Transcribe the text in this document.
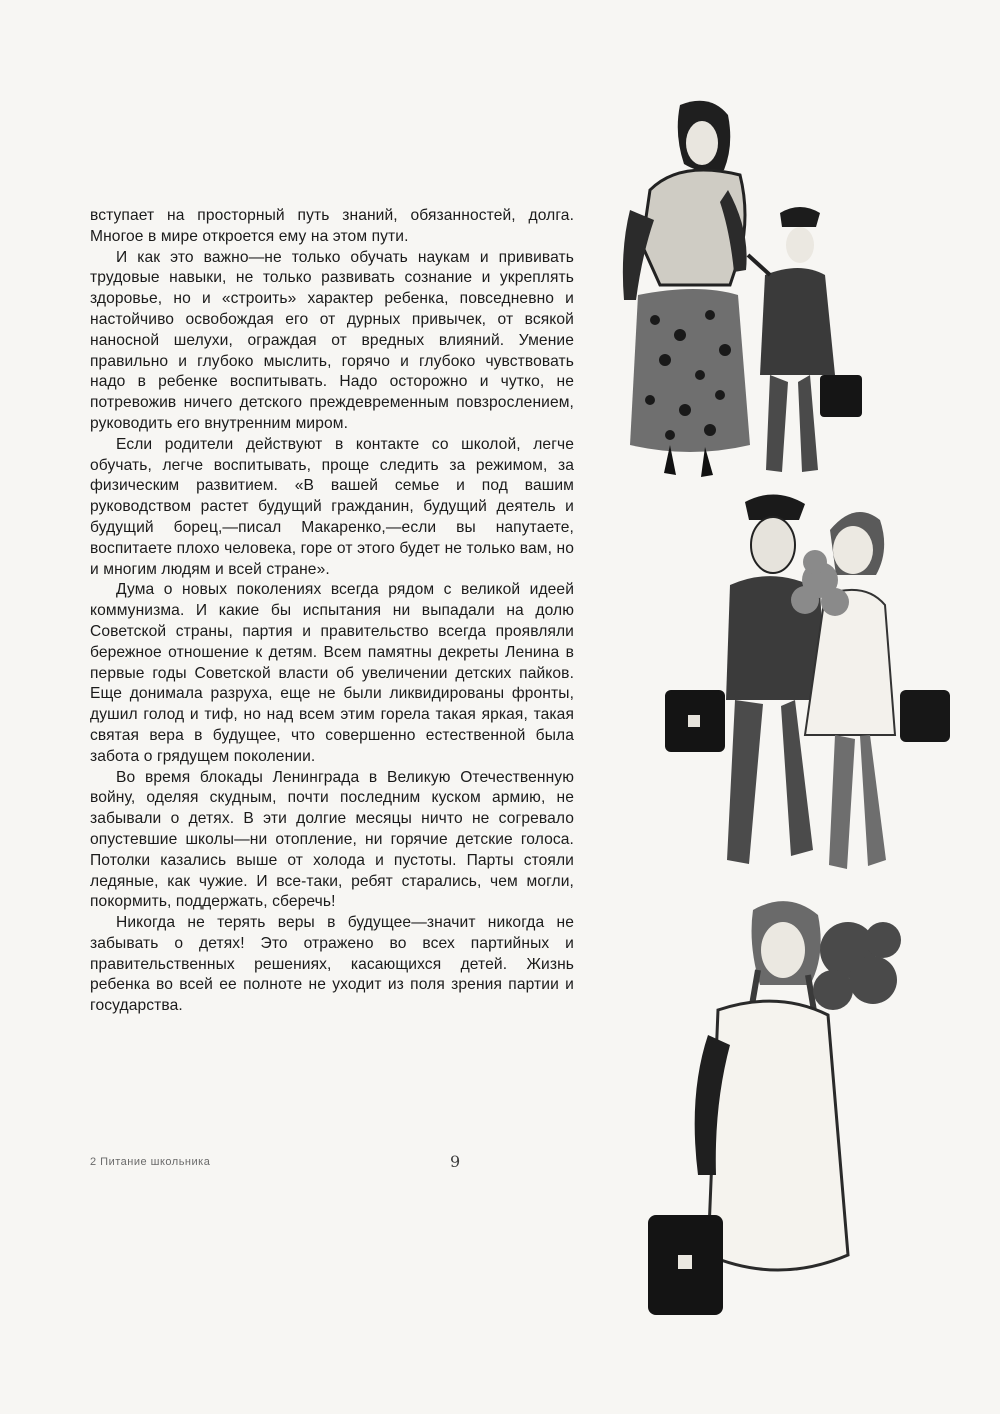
вступает на просторный путь знаний, обязанностей, долга. Многое в мире откроется ему на этом пути.

И как это важно—не только обучать наукам и прививать трудовые навыки, не только развивать сознание и укреплять здоровье, но и «строить» характер ребенка, повседневно и настойчиво освобождая его от дурных привычек, от всякой наносной шелухи, ограждая от вредных влияний. Умение правильно и глубоко мыслить, горячо и глубоко чувствовать надо в ребенке воспитывать. Надо осторожно и чутко, не потревожив ничего детского преждевременным повзрослением, руководить его внутренним миром.

Если родители действуют в контакте со школой, легче обучать, легче воспитывать, проще следить за режимом, за физическим развитием. «В вашей семье и под вашим руководством растет будущий гражданин, будущий деятель и будущий борец,—писал Макаренко,—если вы напутаете, воспитаете плохо человека, горе от этого будет не только вам, но и многим людям и всей стране».

Дума о новых поколениях всегда рядом с великой идеей коммунизма. И какие бы испытания ни выпадали на долю Советской страны, партия и правительство всегда проявляли бережное отношение к детям. Всем памятны декреты Ленина в первые годы Советской власти об увеличении детских пайков. Еще донимала разруха, еще не были ликвидированы фронты, душил голод и тиф, но над всем этим горела такая яркая, такая святая вера в будущее, что совершенно естественной была забота о грядущем поколении.

Во время блокады Ленинграда в Великую Отечественную войну, оделяя скудным, почти последним куском армию, не забывали о детях. В эти долгие месяцы ничто не согревало опустевшие школы—ни отопление, ни горячие детские голоса. Потолки казались выше от холода и пустоты. Парты стояли ледяные, как чужие. И все-таки, ребят старались, чем могли, покормить, поддержать, сберечь!

Никогда не терять веры в будущее—значит никогда не забывать о детях! Это отражено во всех партийных и правительственных решениях, касающихся детей. Жизнь ребенка во всей ее полноте не уходит из поля зрения партии и государства.

2 Питание школьника	9
